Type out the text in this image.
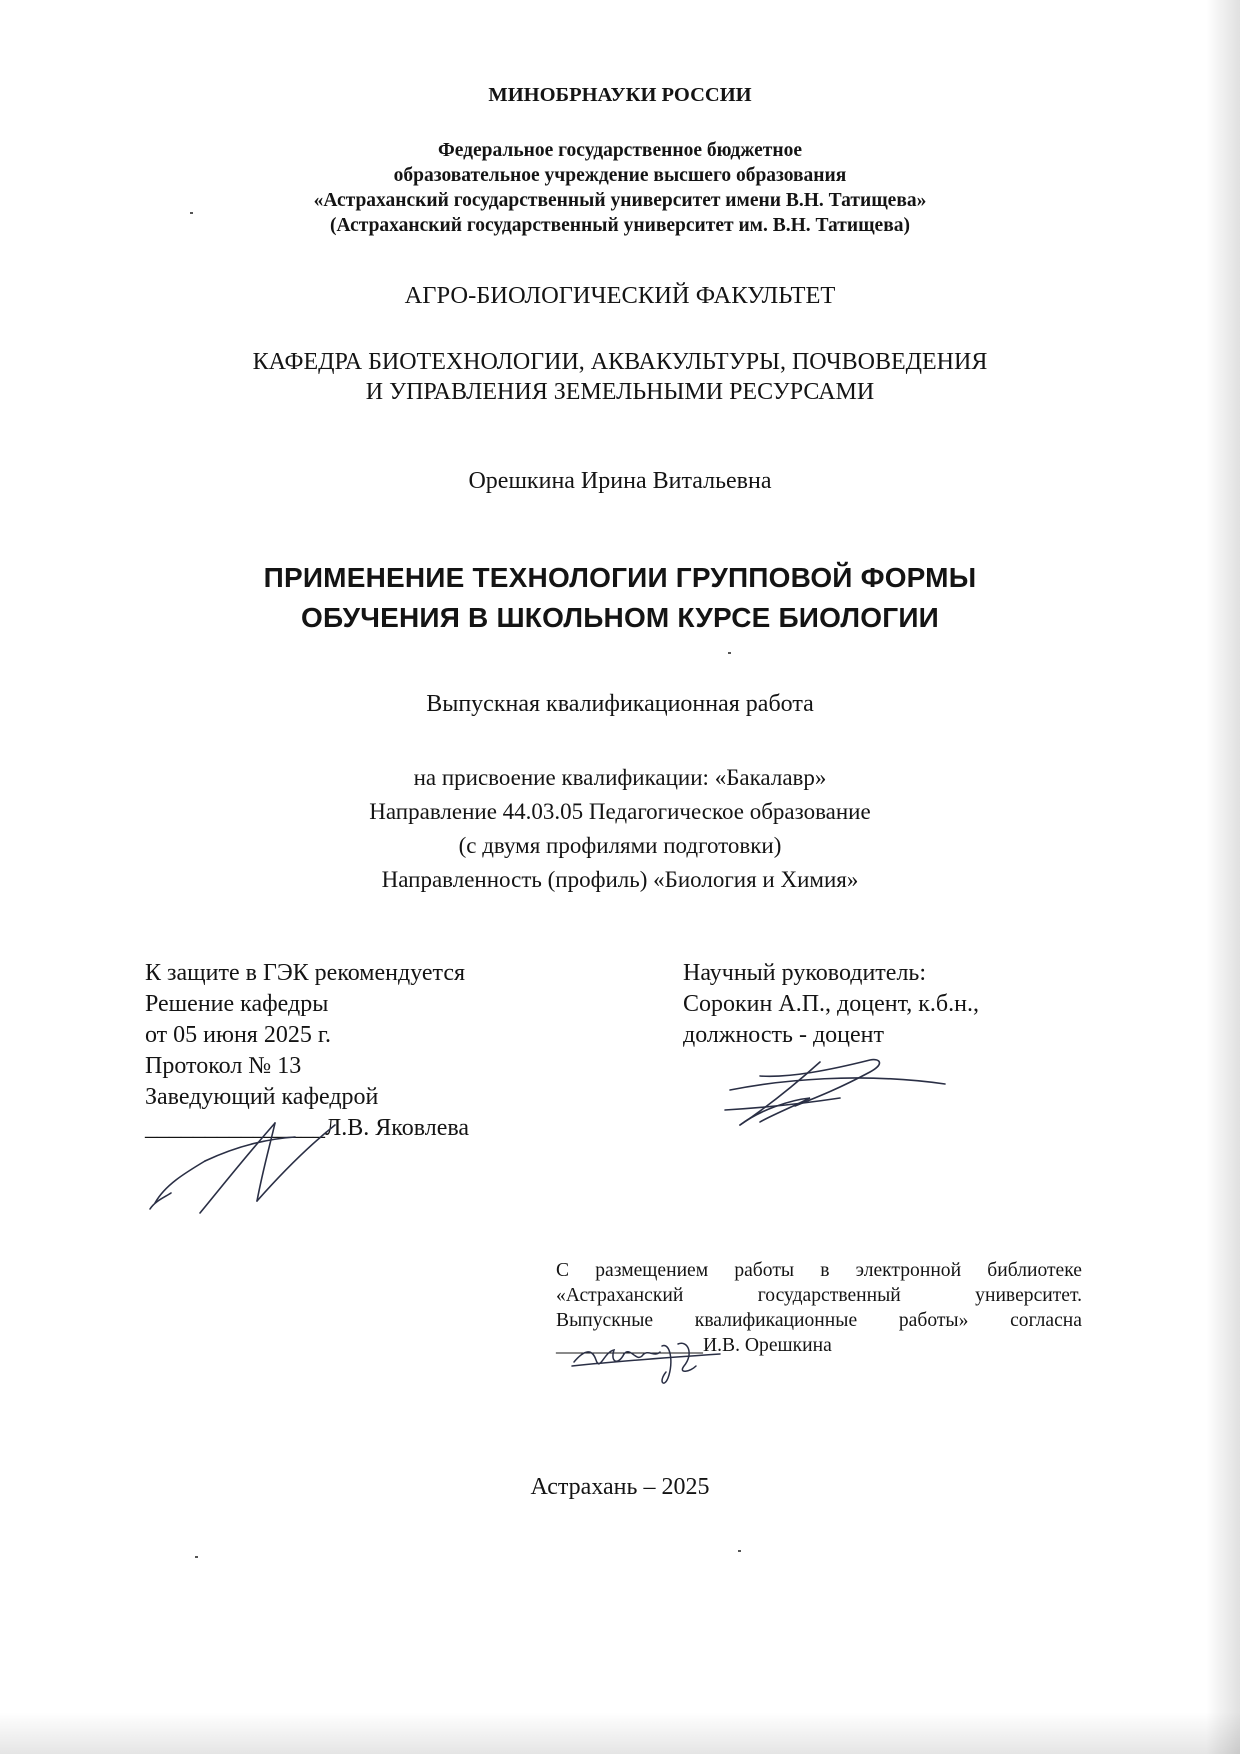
МИНОБРНАУКИ РОССИИ
Федеральное государственное бюджетное
образовательное учреждение высшего образования
«Астраханский государственный университет имени В.Н. Татищева»
(Астраханский государственный университет им. В.Н. Татищева)
АГРО-БИОЛОГИЧЕСКИЙ ФАКУЛЬТЕТ
КАФЕДРА БИОТЕХНОЛОГИИ, АКВАКУЛЬТУРЫ, ПОЧВОВЕДЕНИЯ
И УПРАВЛЕНИЯ ЗЕМЕЛЬНЫМИ РЕСУРСАМИ
Орешкина Ирина Витальевна
ПРИМЕНЕНИЕ ТЕХНОЛОГИИ ГРУППОВОЙ ФОРМЫ
ОБУЧЕНИЯ В ШКОЛЬНОМ КУРСЕ БИОЛОГИИ
Выпускная квалификационная работа
на присвоение квалификации: «Бакалавр»
Направление 44.03.05 Педагогическое образование
(с двумя профилями подготовки)
Направленность (профиль) «Биология и Химия»
К защите в ГЭК рекомендуется
Решение кафедры
от 05 июня 2025 г.
Протокол № 13
Заведующий кафедрой
_______________Л.В. Яковлева
Научный руководитель:
Сорокин А.П., доцент, к.б.н.,
должность - доцент
С размещением работы в электронной библиотеке
«Астраханский государственный университет.
Выпускные квалификационные работы» согласна
_______________И.В. Орешкина
Астрахань – 2025
